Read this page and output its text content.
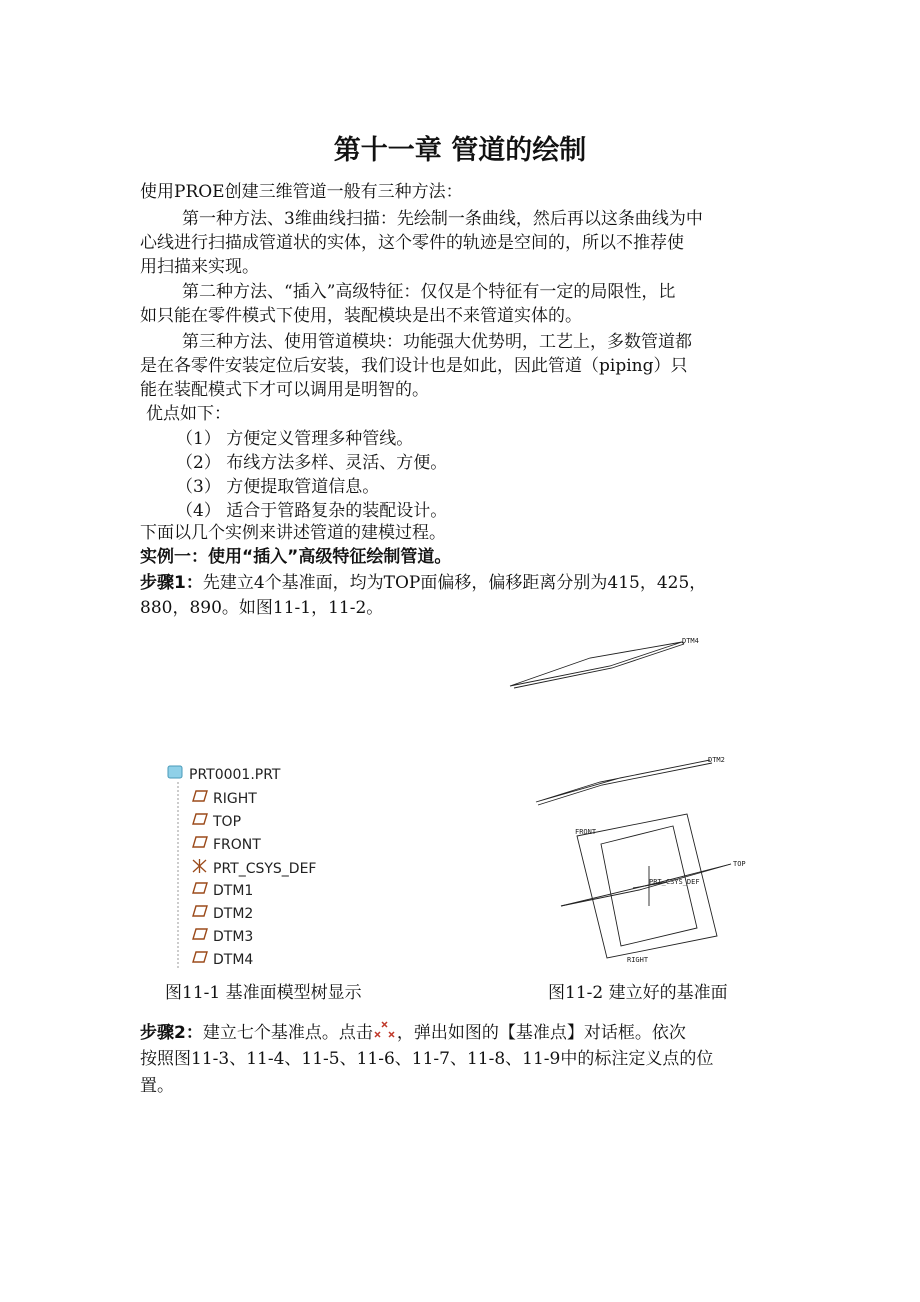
第十一章 管道的绘制
使用PROE创建三维管道一般有三种方法：
第一种方法、3维曲线扫描：先绘制一条曲线，然后再以这条曲线为中
心线进行扫描成管道状的实体，这个零件的轨迹是空间的，所以不推荐使
用扫描来实现。
第二种方法、“插入”高级特征：仅仅是个特征有一定的局限性，比
如只能在零件模式下使用，装配模块是出不来管道实体的。
第三种方法、使用管道模块：功能强大优势明，工艺上，多数管道都
是在各零件安装定位后安装，我们设计也是如此，因此管道（piping）只
能在装配模式下才可以调用是明智的。
优点如下：
（1） 方便定义管理多种管线。
（2） 布线方法多样、灵活、方便。
（3） 方便提取管道信息。
（4） 适合于管路复杂的装配设计。
下面以几个实例来讲述管道的建模过程。
实例一：使用“插入”高级特征绘制管道。
步骤1：先建立4个基准面，均为TOP面偏移，偏移距离分别为415，425，
880，890。如图11-1，11-2。
DTM4
DTM2
FRONT
TOP
PRT_CSYS_DEF
RIGHT
PRT0001.PRT
RIGHT
TOP
FRONT
PRT_CSYS_DEF
DTM1
DTM2
DTM3
DTM4
图11-1 基准面模型树显示	图11-2 建立好的基准面
步骤2：建立七个基准点。点击 ，弹出如图的【基准点】对话框。依次
按照图11-3、11-4、11-5、11-6、11-7、11-8、11-9中的标注定义点的位
置。
